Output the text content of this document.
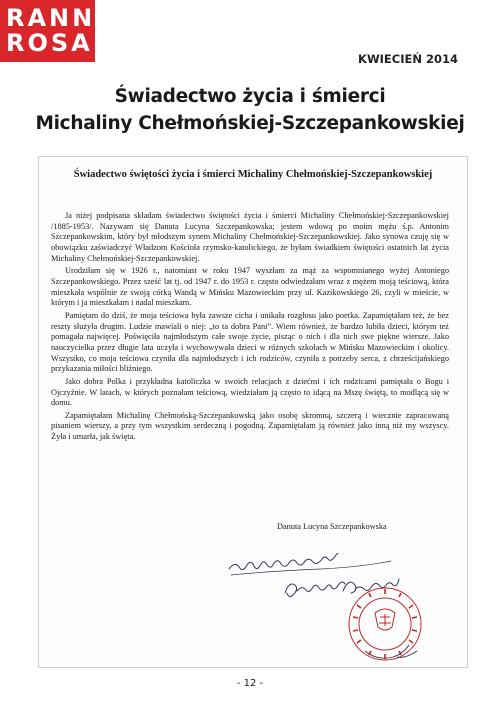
RANNA
ROSA
KWIECIEŃ 2014
Świadectwo życia i śmierci
Michaliny Chełmońskiej-Szczepankowskiej
Świadectwo świętości życia i śmierci Michaliny Chełmońskiej-Szczepankowskiej

Ja niżej podpisana składam świadectwo świętości życia i śmierci Michaliny Chełmońskiej-Szczepankowskiej /1885-1953/. Nazywam się Danuta Lucyna Szczepankowska; jestem wdową po moim mężu ś.p. Antonim Szczepankowskim, który był młodszym synem Michaliny Chełmońskiej-Szczepankowskiej. Jako synowa czuję się w obowiązku zaświadczyć Władzom Kościoła rzymsko-katolickiego, że byłam świadkiem świętości ostatnich lat życia Michaliny Chełmońskiej-Szczepankowskiej.

Urodziłam się w 1926 r., natomiast w roku 1947 wyszłam za mąż za wspomnianego wyżej Antoniego Szczepankowskiego. Przez sześć lat tj. od 1947 r. do 1953 r. często odwiedzałam wraz z mężem moją teściową, która mieszkała wspólnie ze swoją córką Wandą w Mińsku Mazowieckim przy ul. Kazikowskiego 26, czyli w mieście, w którym i ja mieszkałam i nadal mieszkam.

Pamiętam do dziś, że moja teściowa była zawsze cicha i unikała rozgłosu jako poetka. Zapamiętałam też, że bez reszty służyła drugim. Ludzie mawiali o niej: „to ta dobra Pani”. Wiem również, że bardzo lubiła dzieci, którym też pomagała najwięcej. Poświęciła najmłodszym całe swoje życie, pisząc o nich i dla nich swe piękne wiersze. Jako nauczycielka przez długie lata uczyła i wychowywała dzieci w różnych szkołach w Mińsku Mazowieckim i okolicy. Wszystko, co moja teściowa czyniła dla najmłodszych i ich rodziców, czyniła z potrzeby serca, z chrześcijańskiego przykazania miłości bliźniego.

Jako dobra Polka i przykładna katoliczka w swoich relacjach z dziećmi i ich rodzicami pamiętała o Bogu i Ojczyźnie. W latach, w których poznałam teściową, wiedziałam ją często to idącą na Mszę świętą, to modlącą się w domu.

Zapamiętałam Michalinę Chełmońską-Szczepankowską jako osobę skromną, szczerą i wiecznie zapracowaną pisaniem wierszy, a przy tym wszystkim serdeczną i pogodną. Zapamiętałam ją również jako inną niż my wszyscy. Żyła i umarła, jak święta.

Danuta Lucyna Szczepankowska
- 12 -
